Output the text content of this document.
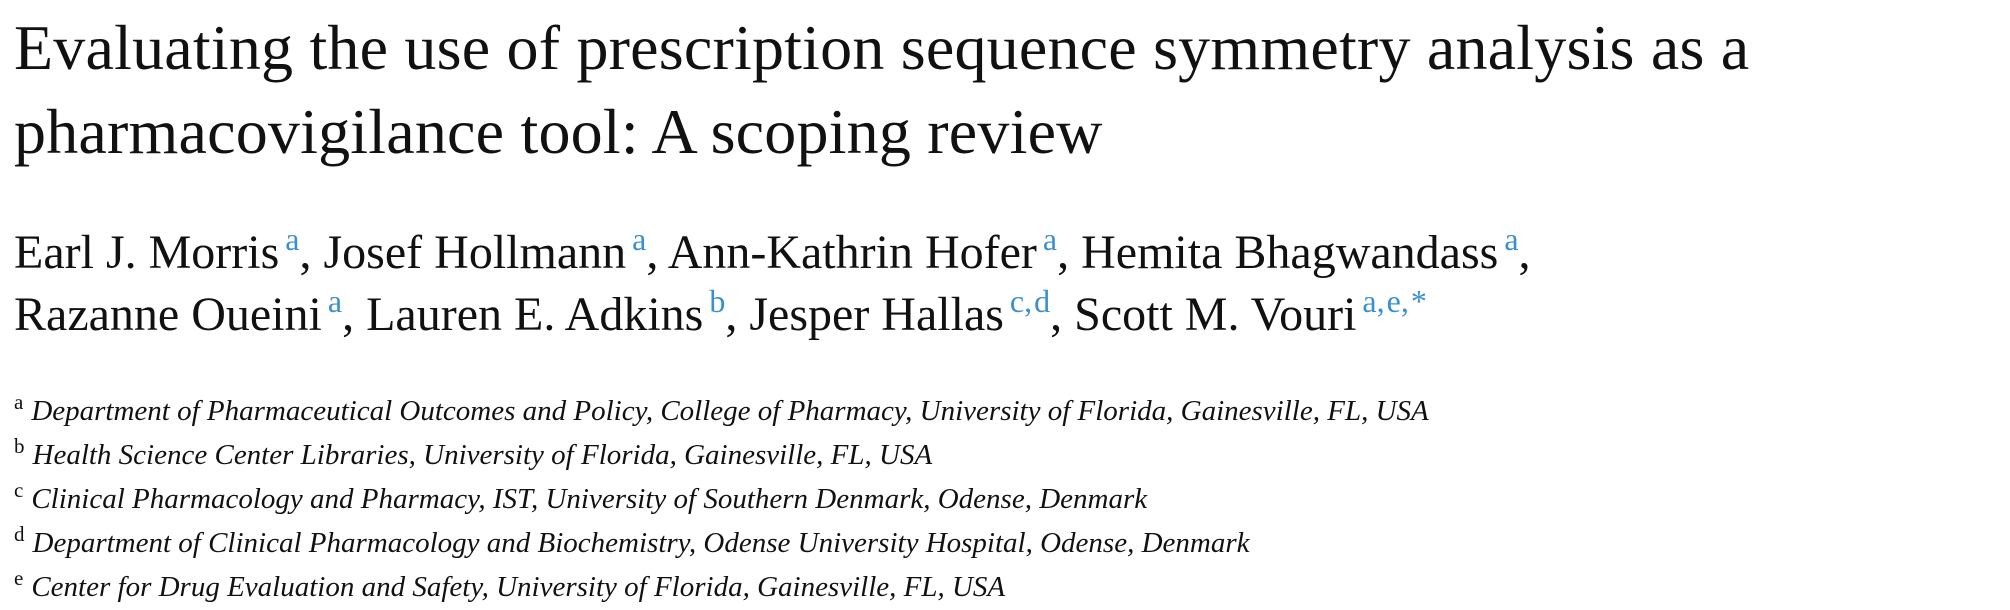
Evaluating the use of prescription sequence symmetry analysis as a
pharmacovigilance tool: A scoping review
Earl J. Morris $^a$, Josef Hollmann $^a$, Ann-Kathrin Hofer $^a$, Hemita Bhagwandass $^a$,
Razanne Oueini $^a$, Lauren E. Adkins $^b$, Jesper Hallas $^{c,d}$, Scott M. Vouri $^{a,e,*}$
$^a$ Department of Pharmaceutical Outcomes and Policy, College of Pharmacy, University of Florida, Gainesville, FL, USA
$^b$ Health Science Center Libraries, University of Florida, Gainesville, FL, USA
$^c$ Clinical Pharmacology and Pharmacy, IST, University of Southern Denmark, Odense, Denmark
$^d$ Department of Clinical Pharmacology and Biochemistry, Odense University Hospital, Odense, Denmark
$^e$ Center for Drug Evaluation and Safety, University of Florida, Gainesville, FL, USA
